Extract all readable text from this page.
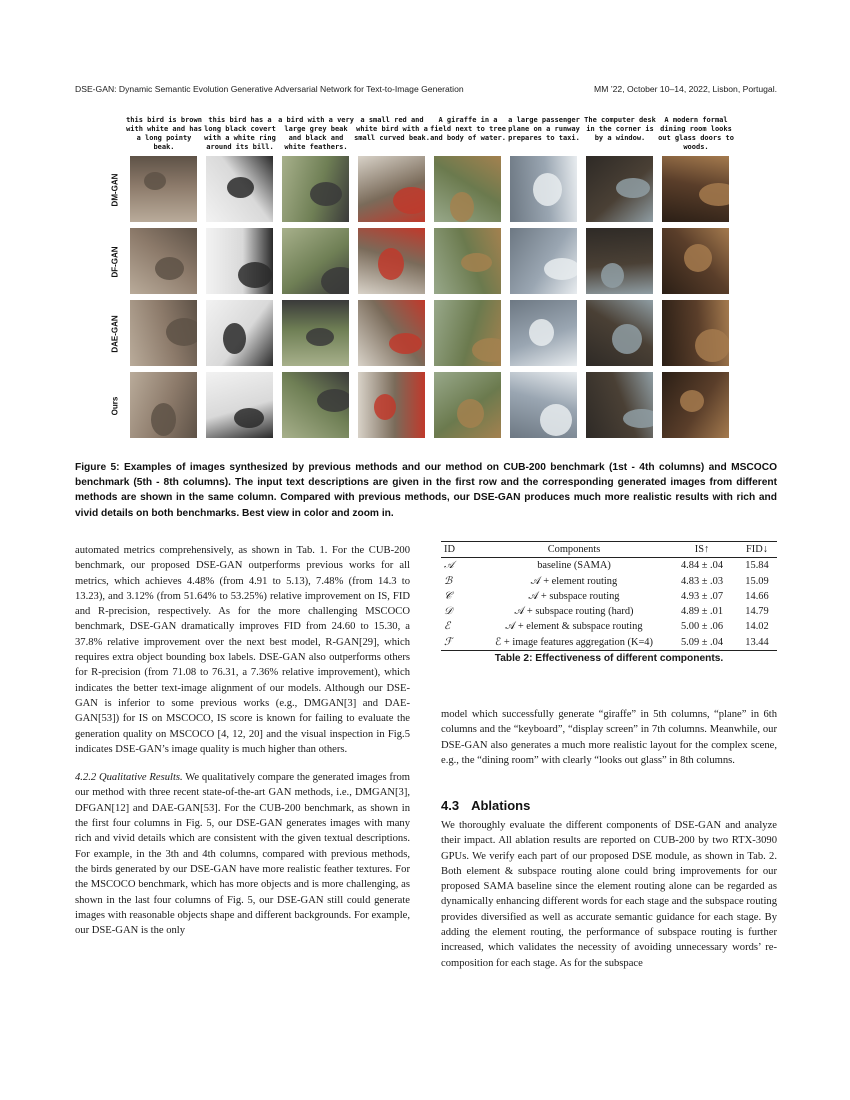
DSE-GAN: Dynamic Semantic Evolution Generative Adversarial Network for Text-to-Image Generation	MM ’22, October 10–14, 2022, Lisbon, Portugal.
this bird is brown with white and has a long pointy beak.
this bird has a long black covert with a white ring around its bill.
a bird with a very large grey beak and black and white feathers.
a small red and white bird with a small curved beak.
A giraffe in a field next to tree and body of water.
a large passenger plane on a runway prepares to taxi.
The computer desk in the corner is by a window.
A modern formal dining room looks out glass doors to woods.
DM-GAN
DF-GAN
DAE-GAN
Ours
Figure 5: Examples of images synthesized by previous methods and our method on CUB-200 benchmark (1st - 4th columns) and MSCOCO benchmark (5th - 8th columns). The input text descriptions are given in the first row and the corresponding generated images from different methods are shown in the same column. Compared with previous methods, our DSE-GAN produces much more realistic results with rich and vivid details on both benchmarks. Best view in color and zoom in.

automated metrics comprehensively, as shown in Tab. 1. For the CUB-200 benchmark, our proposed DSE-GAN outperforms previous works for all metrics, which achieves 4.48% (from 4.91 to 5.13), 7.48% (from 14.3 to 13.23), and 3.12% (from 51.64% to 53.25%) relative improvement on IS, FID and R-precision, respectively. As for the more challenging MSCOCO benchmark, DSE-GAN dramatically improves FID from 24.60 to 15.30, a 37.8% relative improvement over the next best model, R-GAN[29], which requires extra object bounding box labels. DSE-GAN also outperforms others for R-precision (from 71.08 to 76.31, a 7.36% relative improvement), which indicates the better text-image alignment of our models. Although our DSE-GAN is inferior to some previous works (e.g., DMGAN[3] and DAE-GAN[53]) for IS on MSCOCO, IS score is known for failing to evaluate the generation quality on MSCOCO [4, 12, 20] and the visual inspection in Fig.5 indicates DSE-GAN’s image quality is much higher than others.

4.2.2 Qualitative Results. We qualitatively compare the generated images from our method with three recent state-of-the-art GAN methods, i.e., DMGAN[3], DFGAN[12] and DAE-GAN[53]. For the CUB-200 benchmark, as shown in the first four columns in Fig. 5, our DSE-GAN generates images with many rich and vivid details which are consistent with the given textual descriptions. For example, in the 3th and 4th columns, compared with previous methods, the birds generated by our DSE-GAN have more realistic feather textures. For the MSCOCO benchmark, which has more objects and is more challenging, as shown in the last four columns of Fig. 5, our DSE-GAN still could generate images with reasonable objects shape and different backgrounds. For example, our DSE-GAN is the only

ID	Components	IS↑	FID↓
𝒜	baseline (SAMA)	4.84 ± .04	15.84
ℬ	𝒜 + element routing	4.83 ± .03	15.09
𝒞	𝒜 + subspace routing	4.93 ± .07	14.66
𝒟	𝒜 + subspace routing (hard)	4.89 ± .01	14.79
ℰ	𝒜 + element & subspace routing	5.00 ± .06	14.02
ℱ	ℰ + image features aggregation (K=4)	5.09 ± .04	13.44
Table 2: Effectiveness of different components.

model which successfully generate “giraffe” in 5th columns, “plane” in 6th columns and the “keyboard”, “display screen” in 7th columns. Meanwhile, our DSE-GAN also generates a much more realistic layout for the complex scene, e.g., the “dining room” with clearly “looks out glass” in 8th columns.

4.3 Ablations

We thoroughly evaluate the different components of DSE-GAN and analyze their impact. All ablation results are reported on CUB-200 by two RTX-3090 GPUs. We verify each part of our proposed DSE module, as shown in Tab. 2. Both element & subspace routing alone could bring improvements for our proposed SAMA baseline since the element routing alone can be regarded as dynamically enhancing different words for each stage and the subspace routing provides diversified as well as accurate semantic guidance for each stage. By adding the element routing, the performance of subspace routing is further increased, which validates the necessity of avoiding unnecessary words’ re-composition for each stage. As for the subspace
